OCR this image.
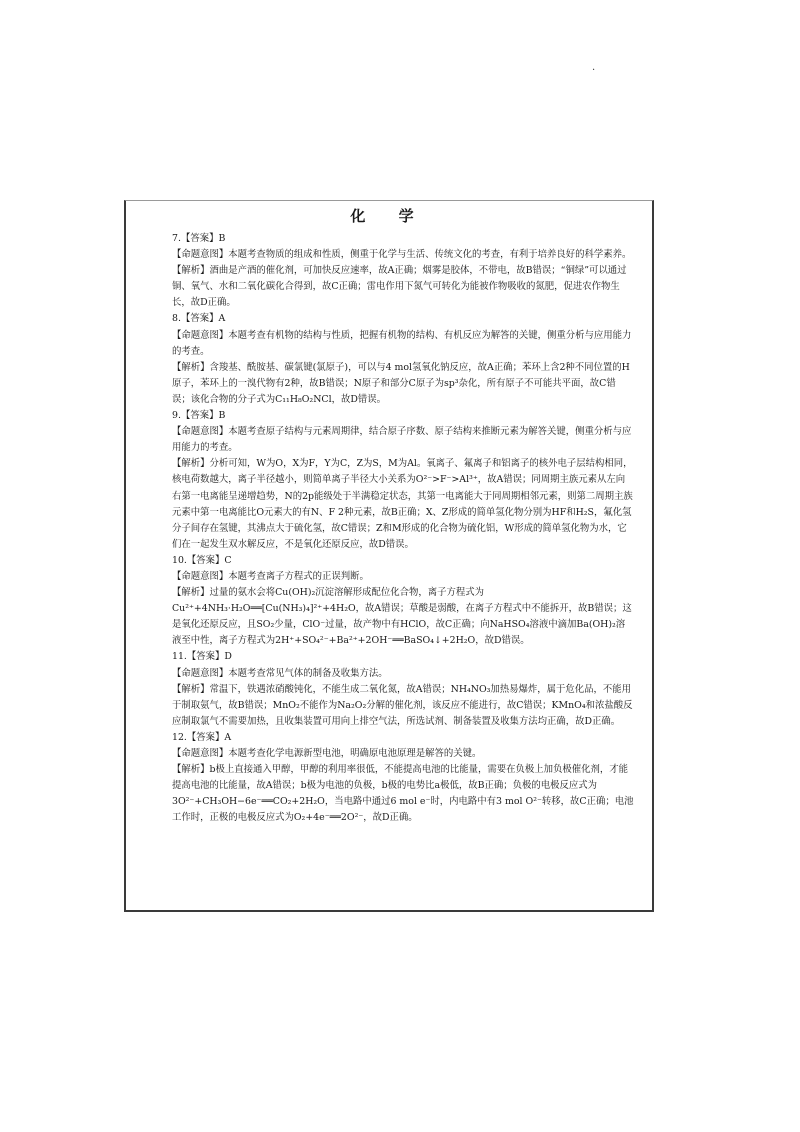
.
化 学

7.【答案】B

【命题意图】本题考查物质的组成和性质，侧重于化学与生活、传统文化的考查，有利于培养良好的科学素养。

【解析】酒曲是产酒的催化剂，可加快反应速率，故A正确；烟雾是胶体，不带电，故B错误；“铜绿”可以通过铜、氧气、水和二氧化碳化合得到，故C正确；雷电作用下氮气可转化为能被作物吸收的氮肥，促进农作物生长，故D正确。

8.【答案】A

【命题意图】本题考查有机物的结构与性质，把握有机物的结构、有机反应为解答的关键，侧重分析与应用能力的考查。

【解析】含羧基、酰胺基、碳氯键(氯原子)，可以与4 mol氢氧化钠反应，故A正确；苯环上含2种不同位置的H原子，苯环上的一溴代物有2种，故B错误；N原子和部分C原子为sp³杂化，所有原子不可能共平面，故C错误；该化合物的分子式为C₁₁H₈O₂NCl，故D错误。

9.【答案】B

【命题意图】本题考查原子结构与元素周期律，结合原子序数、原子结构来推断元素为解答关键，侧重分析与应用能力的考查。

【解析】分析可知，W为O，X为F，Y为C，Z为S，M为Al。氧离子、氟离子和铝离子的核外电子层结构相同，核电荷数越大，离子半径越小，则简单离子半径大小关系为O²⁻>F⁻>Al³⁺，故A错误；同周期主族元素从左向右第一电离能呈递增趋势，N的2p能级处于半满稳定状态，其第一电离能大于同周期相邻元素，则第二周期主族元素中第一电离能比O元素大的有N、F 2种元素，故B正确；X、Z形成的简单氢化物分别为HF和H₂S，氟化氢分子间存在氢键，其沸点大于硫化氢，故C错误；Z和M形成的化合物为硫化铝，W形成的简单氢化物为水，它们在一起发生双水解反应，不是氧化还原反应，故D错误。

10.【答案】C

【命题意图】本题考查离子方程式的正误判断。

【解析】过量的氨水会将Cu(OH)₂沉淀溶解形成配位化合物，离子方程式为Cu²⁺+4NH₃·H₂O══[Cu(NH₃)₄]²⁺+4H₂O，故A错误；草酸是弱酸，在离子方程式中不能拆开，故B错误；这是氧化还原反应，且SO₂少量，ClO⁻过量，故产物中有HClO，故C正确；向NaHSO₄溶液中滴加Ba(OH)₂溶液至中性，离子方程式为2H⁺+SO₄²⁻+Ba²⁺+2OH⁻══BaSO₄↓+2H₂O，故D错误。

11.【答案】D

【命题意图】本题考查常见气体的制备及收集方法。

【解析】常温下，铁遇浓硝酸钝化，不能生成二氧化氮，故A错误；NH₄NO₃加热易爆炸，属于危化品，不能用于制取氨气，故B错误；MnO₂不能作为Na₂O₂分解的催化剂，该反应不能进行，故C错误；KMnO₄和浓盐酸反应制取氯气不需要加热，且收集装置可用向上排空气法，所选试剂、制备装置及收集方法均正确，故D正确。

12.【答案】A

【命题意图】本题考查化学电源新型电池，明确原电池原理是解答的关键。

【解析】b极上直接通入甲醇，甲醇的利用率很低，不能提高电池的比能量，需要在负极上加负极催化剂，才能提高电池的比能量，故A错误；b极为电池的负极，b极的电势比a极低，故B正确；负极的电极反应式为3O²⁻+CH₃OH−6e⁻══CO₂+2H₂O，当电路中通过6 mol e⁻时，内电路中有3 mol O²⁻转移，故C正确；电池工作时，正极的电极反应式为O₂+4e⁻══2O²⁻，故D正确。
